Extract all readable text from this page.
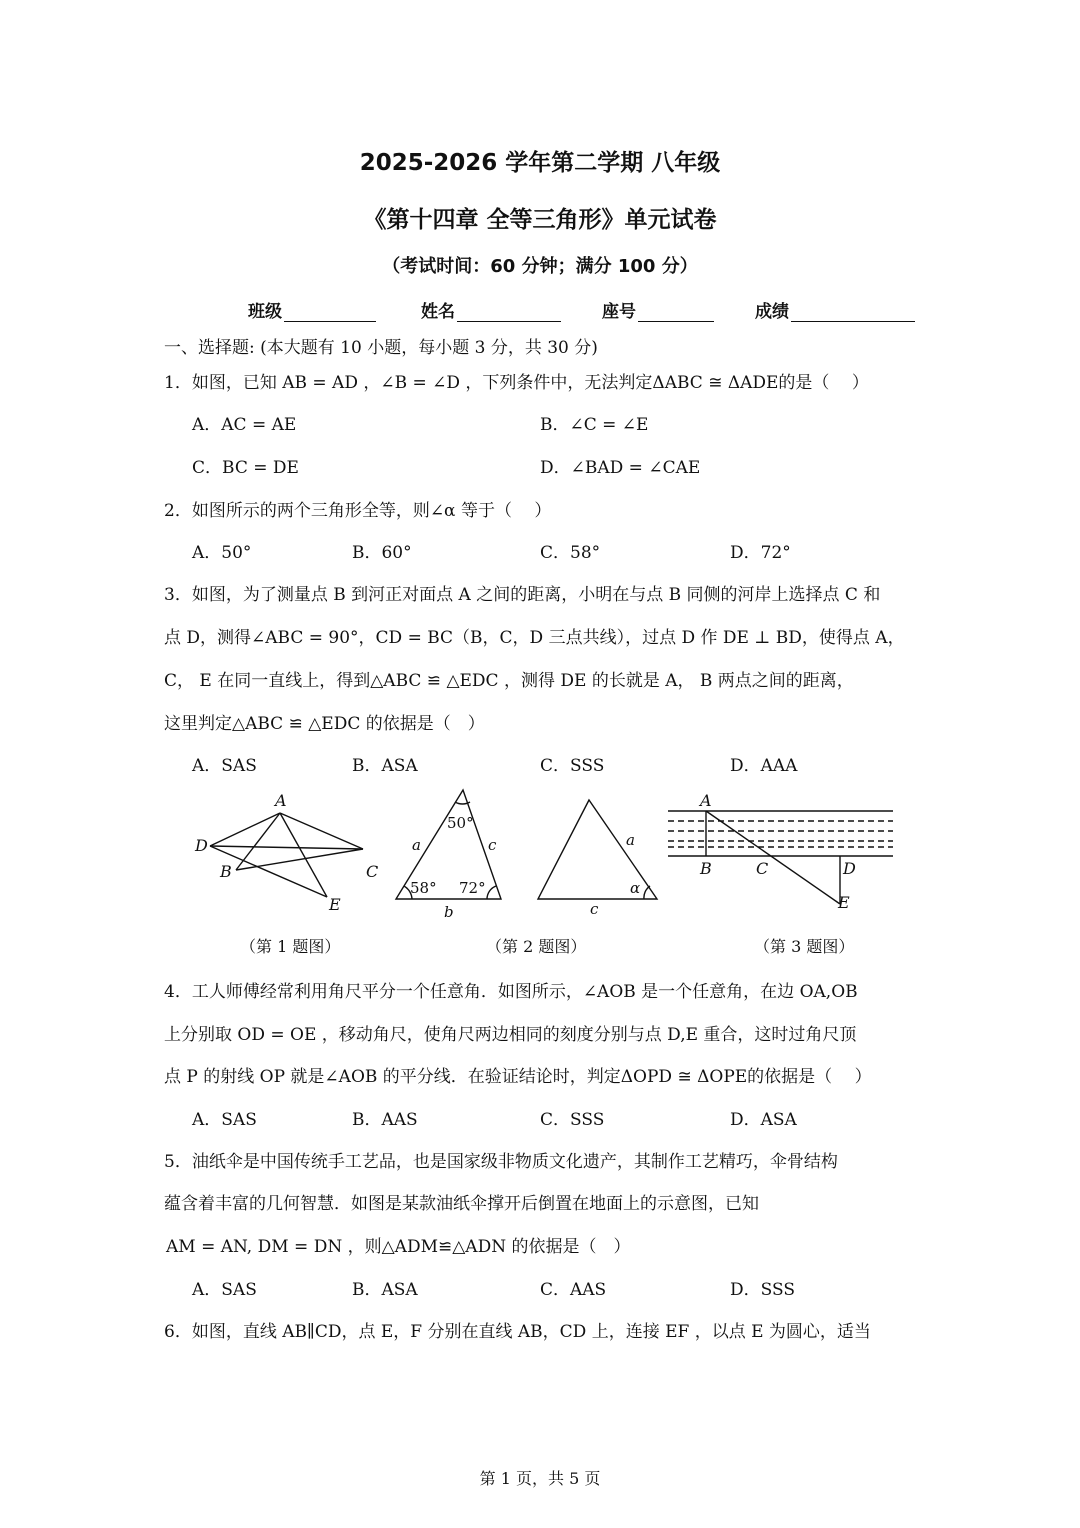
2025-2026 学年第二学期 八年级
《第十四章 全等三角形》单元试卷
（考试时间：60 分钟；满分 100 分）
班级	姓名	座号	成绩
一、选择题: (本大题有 10 小题，每小题 3 分，共 30 分)
1．如图，已知 AB = AD ，∠B = ∠D ，下列条件中，无法判定ΔABC ≅ ΔADE的是（　 ）
A．AC = AE	B．∠C = ∠E
C．BC = DE	D．∠BAD = ∠CAE
2．如图所示的两个三角形全等，则∠α 等于（　 ）
A．50°	B．60°	C．58°	D．72°
3．如图，为了测量点 B 到河正对面点 A 之间的距离，小明在与点 B 同侧的河岸上选择点 C 和
点 D，测得∠ABC = 90°，CD = BC（B，C，D 三点共线），过点 D 作 DE ⊥ BD，使得点 A，
C， E 在同一直线上，得到△ABC ≌ △EDC ，测得 DE 的长就是 A， B 两点之间的距离，
这里判定△ABC ≌ △EDC 的依据是（　）
A．SAS	B．ASA	C．SSS	D．AAA
A
D
B	C
E
50°
a	c
58° 72°
b
a
α
c
A
B	C	D
E
（第 1 题图）	（第 2 题图）	（第 3 题图）
4．工人师傅经常利用角尺平分一个任意角．如图所示，∠AOB 是一个任意角，在边 OA,OB
上分别取 OD = OE ，移动角尺，使角尺两边相同的刻度分别与点 D,E 重合，这时过角尺顶
点 P 的射线 OP 就是∠AOB 的平分线．在验证结论时，判定ΔOPD ≅ ΔOPE的依据是（　 ）
A．SAS	B．AAS	C．SSS	D．ASA
5．油纸伞是中国传统手工艺品，也是国家级非物质文化遗产，其制作工艺精巧，伞骨结构
蕴含着丰富的几何智慧．如图是某款油纸伞撑开后倒置在地面上的示意图，已知
AM = AN, DM = DN ，则△ADM≌△ADN 的依据是（　）
A．SAS	B．ASA	C．AAS	D．SSS
6．如图，直线 AB∥CD，点 E，F 分别在直线 AB，CD 上，连接 EF ，以点 E 为圆心，适当
第 1 页，共 5 页
